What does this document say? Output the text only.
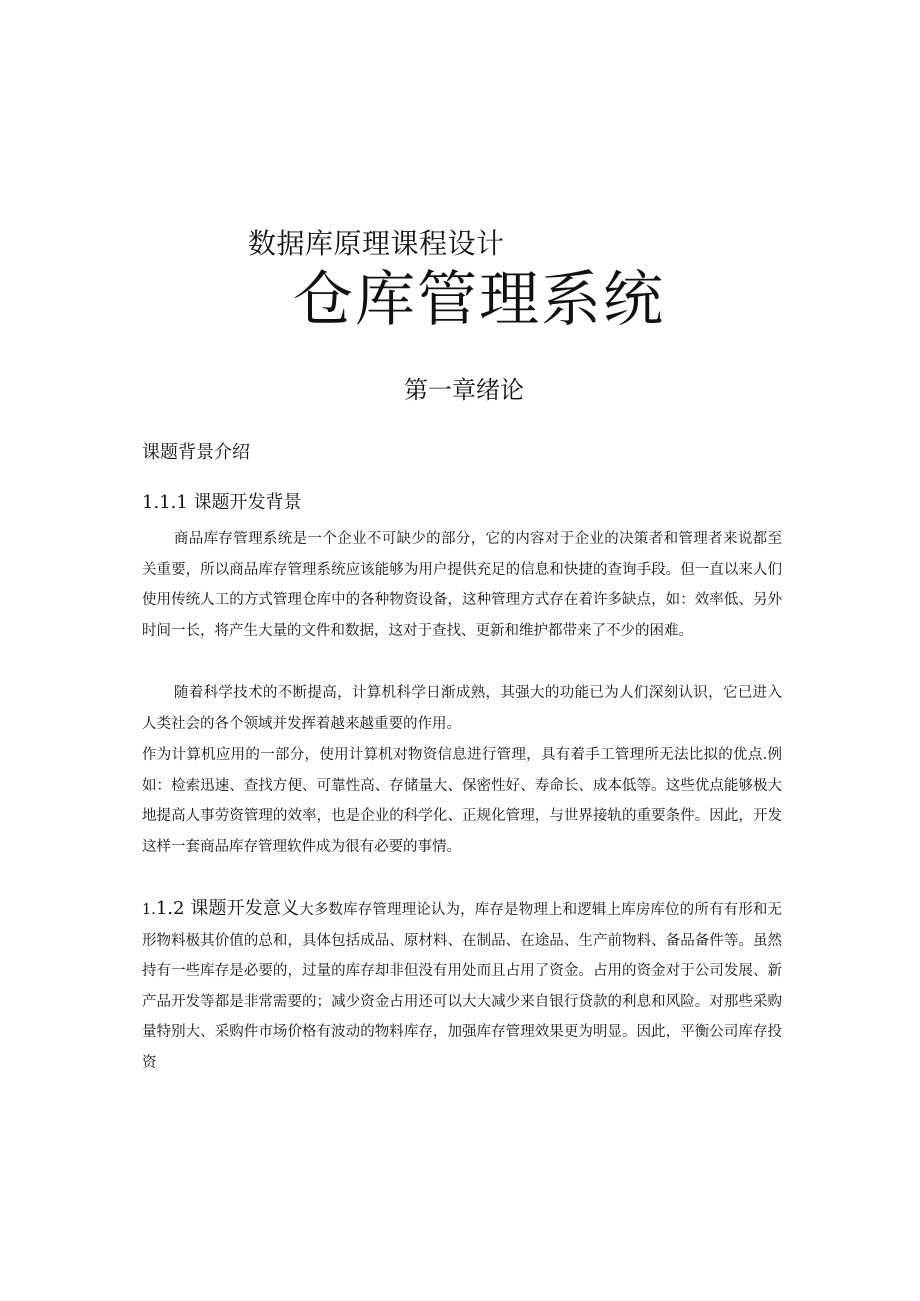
数据库原理课程设计
仓库管理系统
第一章绪论
课题背景介绍
1.1.1 课题开发背景

商品库存管理系统是一个企业不可缺少的部分，它的内容对于企业的决策者和管理者来说都至关重要，所以商品库存管理系统应该能够为用户提供充足的信息和快捷的查询手段。但一直以来人们使用传统人工的方式管理仓库中的各种物资设备，这种管理方式存在着许多缺点，如：效率低、另外时间一长，将产生大量的文件和数据，这对于查找、更新和维护都带来了不少的困难。

随着科学技术的不断提高，计算机科学日渐成熟，其强大的功能已为人们深刻认识，它已进入人类社会的各个领域并发挥着越来越重要的作用。

作为计算机应用的一部分，使用计算机对物资信息进行管理，具有着手工管理所无法比拟的优点.例如：检索迅速、查找方便、可靠性高、存储量大、保密性好、寿命长、成本低等。这些优点能够极大地提高人事劳资管理的效率，也是企业的科学化、正规化管理，与世界接轨的重要条件。因此，开发这样一套商品库存管理软件成为很有必要的事情。

1.1.2 课题开发意义大多数库存管理理论认为，库存是物理上和逻辑上库房库位的所有有形和无形物料极其价值的总和，具体包括成品、原材料、在制品、在途品、生产前物料、备品备件等。虽然持有一些库存是必要的，过量的库存却非但没有用处而且占用了资金。占用的资金对于公司发展、新产品开发等都是非常需要的；减少资金占用还可以大大减少来自银行贷款的利息和风险。对那些采购量特别大、采购件市场价格有波动的物料库存，加强库存管理效果更为明显。因此，平衡公司库存投资
